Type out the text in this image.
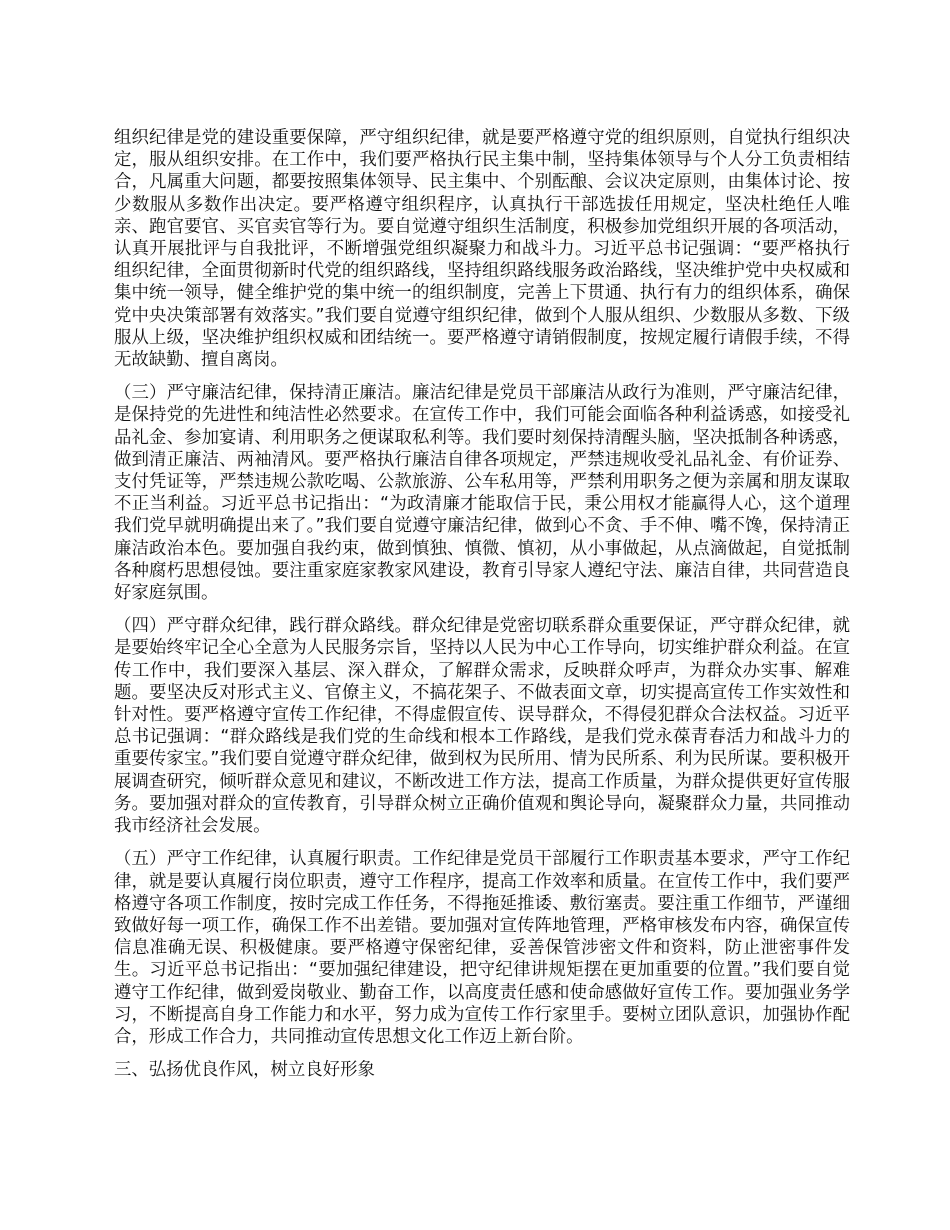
组织纪律是党的建设重要保障，严守组织纪律，就是要严格遵守党的组织原则，自觉执行组织决定，服从组织安排。在工作中，我们要严格执行民主集中制，坚持集体领导与个人分工负责相结合，凡属重大问题，都要按照集体领导、民主集中、个别酝酿、会议决定原则，由集体讨论、按少数服从多数作出决定。要严格遵守组织程序，认真执行干部选拔任用规定，坚决杜绝任人唯亲、跑官要官、买官卖官等行为。要自觉遵守组织生活制度，积极参加党组织开展的各项活动，认真开展批评与自我批评，不断增强党组织凝聚力和战斗力。习近平总书记强调：“要严格执行组织纪律，全面贯彻新时代党的组织路线，坚持组织路线服务政治路线，坚决维护党中央权威和集中统一领导，健全维护党的集中统一的组织制度，完善上下贯通、执行有力的组织体系，确保党中央决策部署有效落实。”我们要自觉遵守组织纪律，做到个人服从组织、少数服从多数、下级服从上级，坚决维护组织权威和团结统一。要严格遵守请销假制度，按规定履行请假手续，不得无故缺勤、擅自离岗。

（三）严守廉洁纪律，保持清正廉洁。廉洁纪律是党员干部廉洁从政行为准则，严守廉洁纪律，是保持党的先进性和纯洁性必然要求。在宣传工作中，我们可能会面临各种利益诱惑，如接受礼品礼金、参加宴请、利用职务之便谋取私利等。我们要时刻保持清醒头脑，坚决抵制各种诱惑，做到清正廉洁、两袖清风。要严格执行廉洁自律各项规定，严禁违规收受礼品礼金、有价证券、支付凭证等，严禁违规公款吃喝、公款旅游、公车私用等，严禁利用职务之便为亲属和朋友谋取不正当利益。习近平总书记指出：“为政清廉才能取信于民，秉公用权才能赢得人心，这个道理我们党早就明确提出来了。”我们要自觉遵守廉洁纪律，做到心不贪、手不伸、嘴不馋，保持清正廉洁政治本色。要加强自我约束，做到慎独、慎微、慎初，从小事做起，从点滴做起，自觉抵制各种腐朽思想侵蚀。要注重家庭家教家风建设，教育引导家人遵纪守法、廉洁自律，共同营造良好家庭氛围。

（四）严守群众纪律，践行群众路线。群众纪律是党密切联系群众重要保证，严守群众纪律，就是要始终牢记全心全意为人民服务宗旨，坚持以人民为中心工作导向，切实维护群众利益。在宣传工作中，我们要深入基层、深入群众，了解群众需求，反映群众呼声，为群众办实事、解难题。要坚决反对形式主义、官僚主义，不搞花架子、不做表面文章，切实提高宣传工作实效性和针对性。要严格遵守宣传工作纪律，不得虚假宣传、误导群众，不得侵犯群众合法权益。习近平总书记强调：“群众路线是我们党的生命线和根本工作路线，是我们党永葆青春活力和战斗力的重要传家宝。”我们要自觉遵守群众纪律，做到权为民所用、情为民所系、利为民所谋。要积极开展调查研究，倾听群众意见和建议，不断改进工作方法，提高工作质量，为群众提供更好宣传服务。要加强对群众的宣传教育，引导群众树立正确价值观和舆论导向，凝聚群众力量，共同推动我市经济社会发展。

（五）严守工作纪律，认真履行职责。工作纪律是党员干部履行工作职责基本要求，严守工作纪律，就是要认真履行岗位职责，遵守工作程序，提高工作效率和质量。在宣传工作中，我们要严格遵守各项工作制度，按时完成工作任务，不得拖延推诿、敷衍塞责。要注重工作细节，严谨细致做好每一项工作，确保工作不出差错。要加强对宣传阵地管理，严格审核发布内容，确保宣传信息准确无误、积极健康。要严格遵守保密纪律，妥善保管涉密文件和资料，防止泄密事件发生。习近平总书记指出：“要加强纪律建设，把守纪律讲规矩摆在更加重要的位置。”我们要自觉遵守工作纪律，做到爱岗敬业、勤奋工作，以高度责任感和使命感做好宣传工作。要加强业务学习，不断提高自身工作能力和水平，努力成为宣传工作行家里手。要树立团队意识，加强协作配合，形成工作合力，共同推动宣传思想文化工作迈上新台阶。

三、弘扬优良作风，树立良好形象
